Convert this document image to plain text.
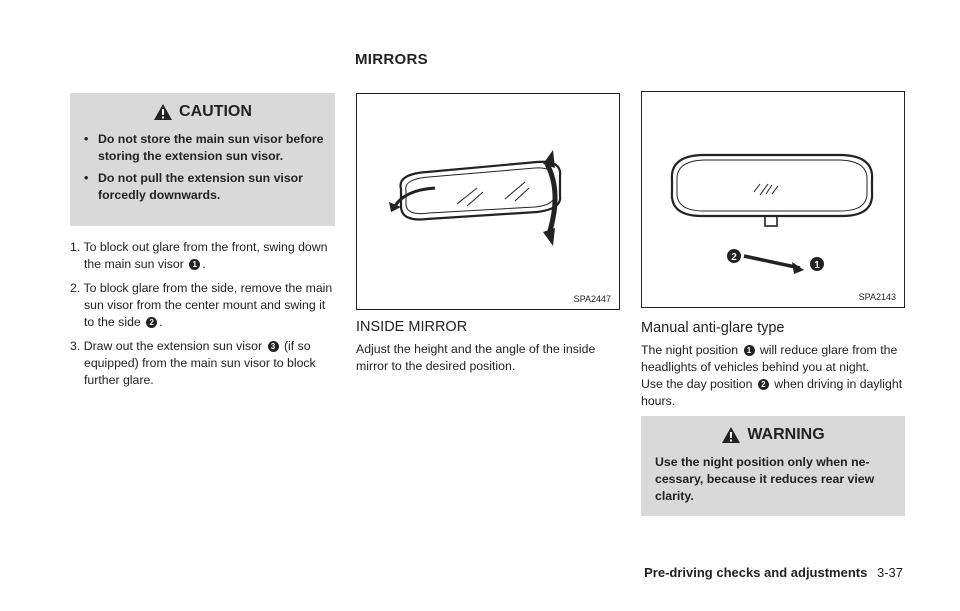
MIRRORS
CAUTION
• Do not store the main sun visor before storing the extension sun visor.
• Do not pull the extension sun visor forcedly downwards.
1. To block out glare from the front, swing down the main sun visor 1 .
2. To block glare from the side, remove the main sun visor from the center mount and swing it to the side 2 .
3. Draw out the extension sun visor 3 (if so equipped) from the main sun visor to block further glare.
SPA2447
2
1
SPA2143
INSIDE MIRROR
Adjust the height and the angle of the inside mirror to the desired position.
Manual anti-glare type
The night position 1 will reduce glare from the headlights of vehicles behind you at night.
Use the day position 2 when driving in daylight hours.
WARNING
Use the night position only when ne-cessary, because it reduces rear view clarity.
Pre-driving checks and adjustments 3-37
